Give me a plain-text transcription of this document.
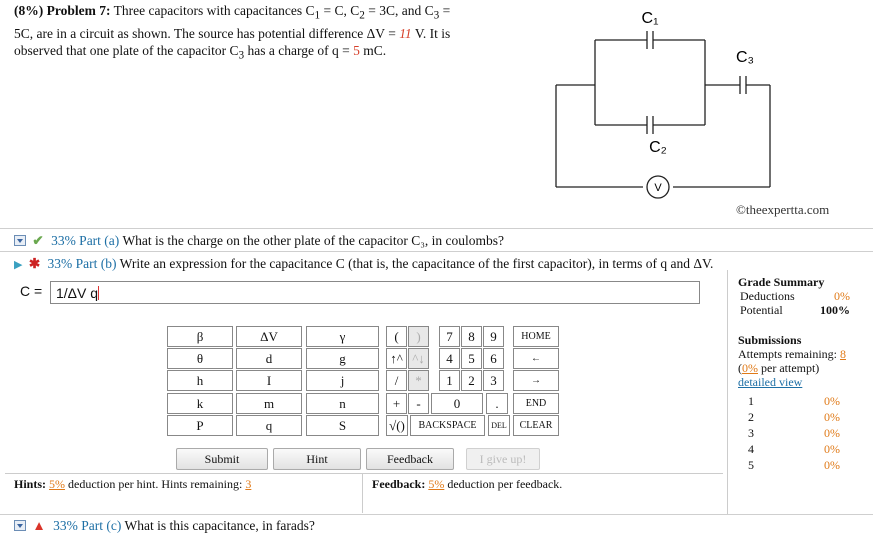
(8%) Problem 7: Three capacitors with capacitances $C_1 = C$, $C_2 = 3C$, and $C_3$ =
5C, are in a circuit as shown. The source has potential difference ΔV = 11 V. It is
observed that one plate of the capacitor $C_3$ has a charge of q = 5 mC.
C₁
C₃
C₂
V
©theexpertta.com
✔ 33% Part (a) What is the charge on the other plate of the capacitor C₃, in coulombs?
▶ ✱ 33% Part (b) Write an expression for the capacitance C (that is, the capacitance of the first capacitor), in terms of q and ΔV.
C = 1/ΔV q
β	ΔV	γ
θ	d	g
h	I	j
k	m	n
P	q	S
(	)
↑^ ^↓
/	*
+	-
√()	BACKSPACE
7	8	9
4	5	6
1	2	3
0	.
HOME
←
→
END
CLEAR
DEL
Submit	Hint	Feedback	I give up!
Hints: 5% deduction per hint. Hints remaining: 3	Feedback: 5% deduction per feedback.
Grade Summary
Deductions	0%
Potential	100%
Submissions
Attempts remaining: 8
(0% per attempt)
detailed view
1	0%
2	0%
3	0%
4	0%
5	0%
▲ 33% Part (c) What is this capacitance, in farads?
